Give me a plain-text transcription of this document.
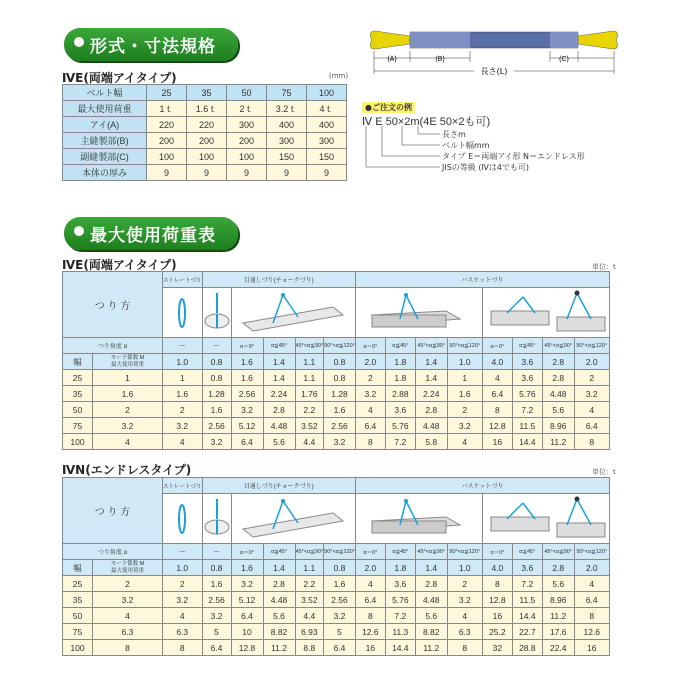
形式・寸法規格
ⅣE(両端アイタイプ)	(mm)
ベルト幅	25	35	50	75	100
最大使用荷重	1ｔ	1.6ｔ	2ｔ	3.2ｔ	4ｔ
アイ(A)	220	220	300	400	400
主縫製部(B)	200	200	200	300	300
副縫製部(C)	100	100	100	150	150
本体の厚み	9	9	9	9	9
(A)	(B)	(C)
長さ(L)
●ご注文の例
Ⅳ E 50×2m(4E 50×2も可)
長さm
ベルト幅mm
タイプ E＝両端アイ形 N＝エンドレス形
JISの等級 (Ⅳは4でも可)
最大使用荷重表
ⅣE(両端アイタイプ)	単位：t
つ り 方		ストレートづり	目通しづり(チョークづり)					バスケットづり							

つり角度 α		—	—	α＝0°	α≦45°	45°<α≦90°	90°<α≦120°	α＝0°	α≦45°	45°<α≦90°	90°<α≦120°	α＝0°	α≦45°	45°<α≦90°	90°<α≦120°
幅	モード係数 M
最大使用荷重	1.0	0.8	1.6	1.4	1.1	0.8	2.0	1.8	1.4	1.0	4.0	3.6	2.8	2.0
25	1	1	0.8	1.6	1.4	1.1	0.8	2	1.8	1.4	1	4	3.6	2.8	2
35	1.6	1.6	1.28	2.56	2.24	1.76	1.28	3.2	2.88	2.24	1.6	6.4	5.76	4.48	3.2
50	2	2	1.6	3.2	2.8	2.2	1.6	4	3.6	2.8	2	8	7.2	5.6	4
75	3.2	3.2	2.56	5.12	4.48	3.52	2.56	6.4	5.76	4.48	3.2	12.8	11.5	8.96	6.4
100	4	4	3.2	6.4	5.6	4.4	3.2	8	7.2	5.8	4	16	14.4	11.2	8
ⅣN(エンドレスタイプ)	単位：t
つ り 方		ストレートづり	目通しづり(チョークづり)					バスケットづり							

つり角度 α		—	—	α＝0°	α≦45°	45°<α≦90°	90°<α≦120°	α＝0°	α≦45°	45°<α≦90°	90°<α≦120°	α＝0°	α≦45°	45°<α≦90°	90°<α≦120°
幅	モード係数 M
最大使用荷重	1.0	0.8	1.6	1.4	1.1	0.8	2.0	1.8	1.4	1.0	4.0	3.6	2.8	2.0
25	2	2	1.6	3.2	2.8	2.2	1.6	4	3.6	2.8	2	8	7.2	5.6	4
35	3.2	3.2	2.56	5.12	4.48	3.52	2.56	6.4	5.76	4.48	3.2	12.8	11.5	8.96	6.4
50	4	4	3.2	6.4	5.6	4.4	3.2	8	7.2	5.6	4	16	14.4	11.2	8
75	6.3	6.3	5	10	8.82	6.93	5	12.6	11.3	8.82	6.3	25.2	22.7	17.6	12.6
100	8	8	6.4	12.8	11.2	8.8	6.4	16	14.4	11.2	8	32	28.8	22.4	16
